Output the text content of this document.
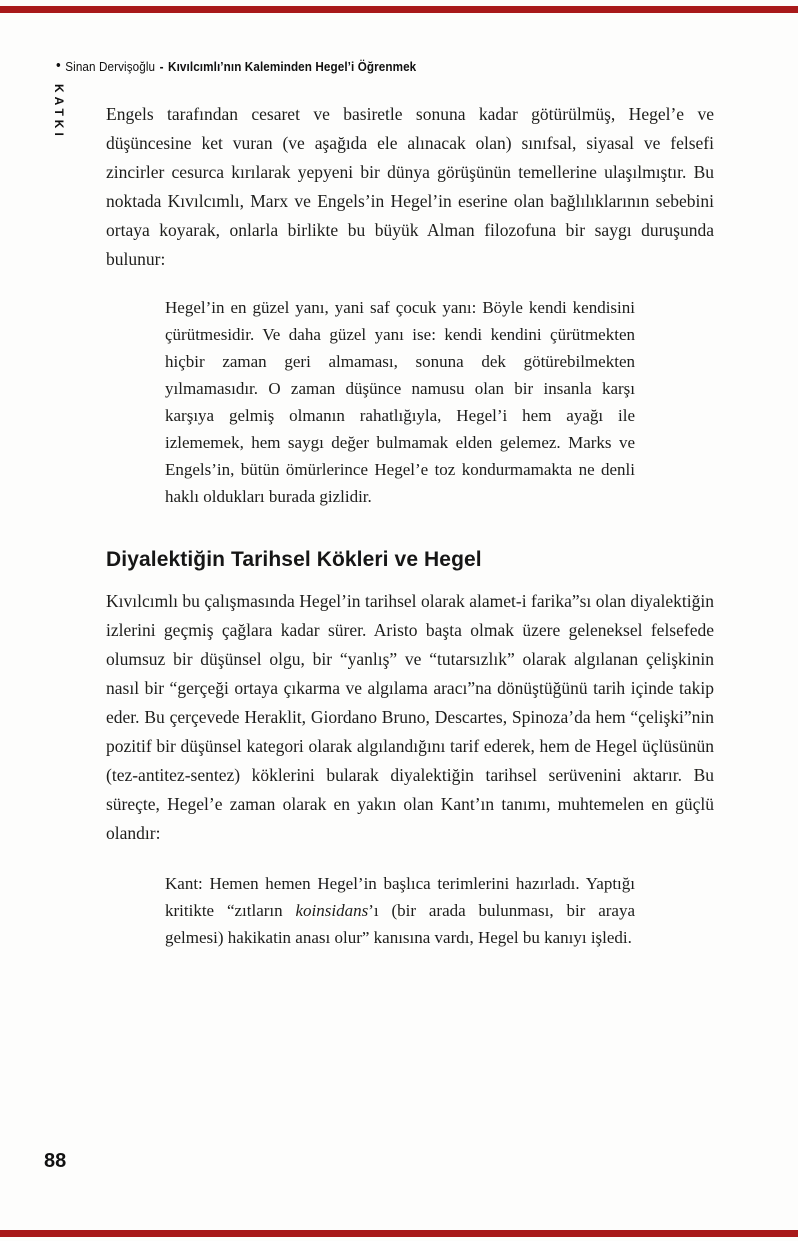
• Sinan Dervişoğlu - Kıvılcımlı’nın Kaleminden Hegel’i Öğrenmek
KATKI Engels tarafından cesaret ve basiretle sonuna kadar götürülmüş, Hegel’e ve düşüncesine ket vuran (ve aşağıda ele alınacak olan) sınıfsal, siyasal ve felsefi zincirler cesurca kırılarak yepyeni bir dünya görüşünün temellerine ulaşılmıştır. Bu noktada Kıvılcımlı, Marx ve Engels’in Hegel’in eserine olan bağlılıklarının sebebini ortaya koyarak, onlarla birlikte bu büyük Alman filozofuna bir saygı duruşunda bulunur:

Hegel’in en güzel yanı, yani saf çocuk yanı: Böyle kendi kendisini çürütmesidir. Ve daha güzel yanı ise: kendi kendini çürütmekten hiçbir zaman geri almaması, sonuna dek götürebilmekten yılmamasıdır. O zaman düşünce namusu olan bir insanla karşı karşıya gelmiş olmanın rahatlığıyla, Hegel’i hem ayağı ile izlememek, hem saygı değer bulmamak elden gelemez. Marks ve Engels’in, bütün ömürlerince Hegel’e toz kondurmamakta ne denli haklı oldukları burada gizlidir.
Diyalektiğin Tarihsel Kökleri ve Hegel

Kıvılcımlı bu çalışmasında Hegel’in tarihsel olarak alamet-i farika”sı olan diyalektiğin izlerini geçmiş çağlara kadar sürer. Aristo başta olmak üzere geleneksel felsefede olumsuz bir düşünsel olgu, bir “yanlış” ve “tutarsızlık” olarak algılanan çelişkinin nasıl bir “gerçeği ortaya çıkarma ve algılama aracı”na dönüştüğünü tarih içinde takip eder. Bu çerçevede Heraklit, Giordano Bruno, Descartes, Spinoza’da hem “çelişki”nin pozitif bir düşünsel kategori olarak algılandığını tarif ederek, hem de Hegel üçlüsünün (tez-antitez-sentez) köklerini bularak diyalektiğin tarihsel serüvenini aktarır. Bu süreçte, Hegel’e zaman olarak en yakın olan Kant’ın tanımı, muhtemelen en güçlü olandır:

Kant: Hemen hemen Hegel’in başlıca terimlerini hazırladı. Yaptığı kritikte “zıtların koinsidans’ı (bir arada bulunması, bir araya gelmesi) hakikatin anası olur” kanısına vardı, Hegel bu kanıyı işledi.
88
